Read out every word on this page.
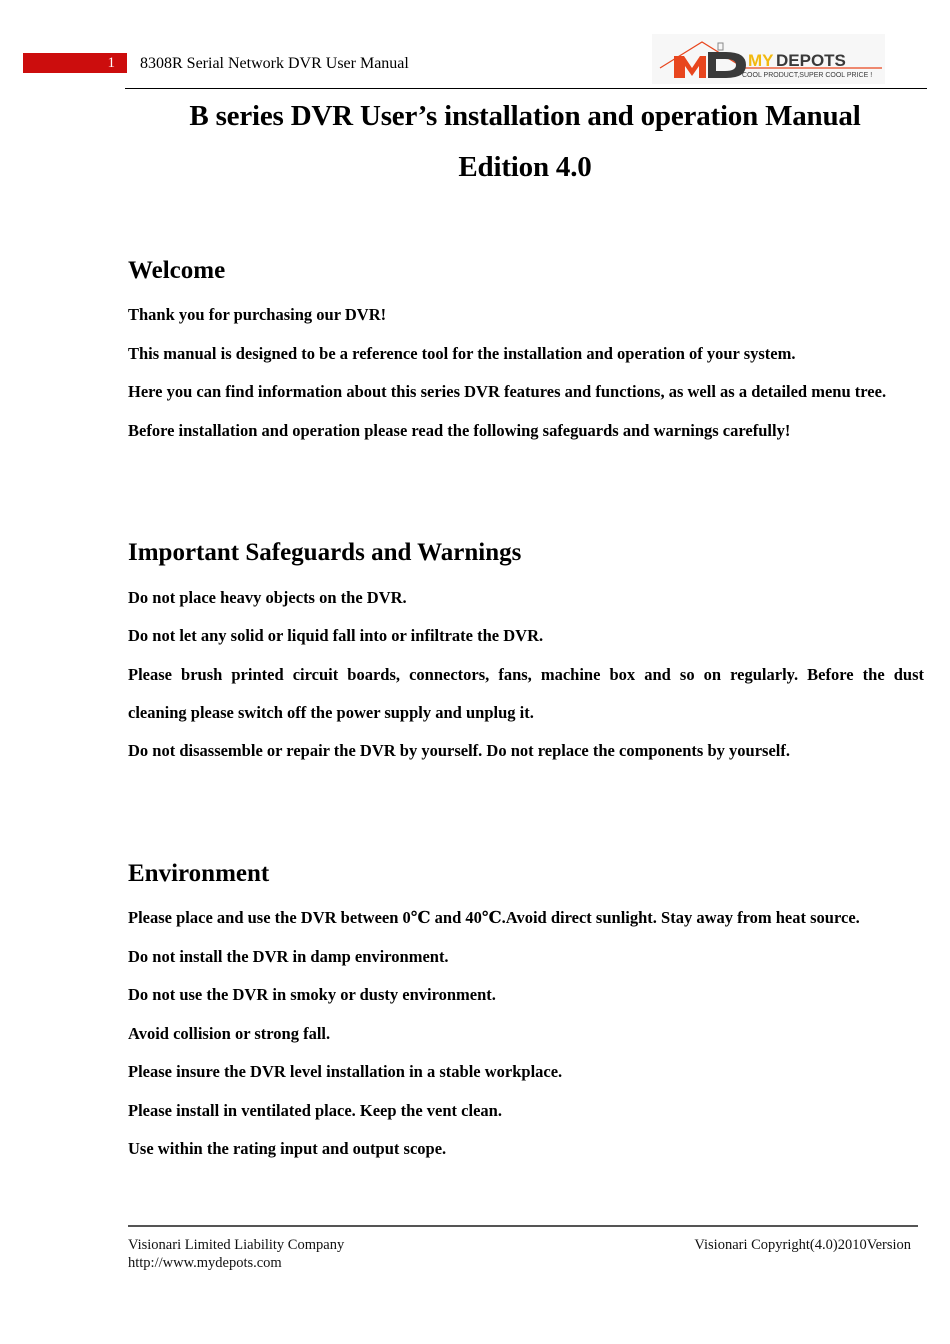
1	8308R Serial Network DVR User Manual	MY DEPOTS
COOL PRODUCT,SUPER COOL PRICE !
B series DVR User’s installation and operation Manual
Edition 4.0
Welcome
Thank you for purchasing our DVR!
This manual is designed to be a reference tool for the installation and operation of your system.
Here you can find information about this series DVR features and functions, as well as a detailed menu tree.
Before installation and operation please read the following safeguards and warnings carefully!
Important Safeguards and Warnings
Do not place heavy objects on the DVR.
Do not let any solid or liquid fall into or infiltrate the DVR.
Please brush printed circuit boards, connectors, fans, machine box and so on regularly. Before the dust
cleaning please switch off the power supply and unplug it.
Do not disassemble or repair the DVR by yourself. Do not replace the components by yourself.
Environment
Please place and use the DVR between 0℃ and 40℃.Avoid direct sunlight. Stay away from heat source.
Do not install the DVR in damp environment.
Do not use the DVR in smoky or dusty environment.
Avoid collision or strong fall.
Please insure the DVR level installation in a stable workplace.
Please install in ventilated place. Keep the vent clean.
Use within the rating input and output scope.
Visionari Limited Liability Company
http://www.mydepots.com
Visionari Copyright(4.0)2010Version
